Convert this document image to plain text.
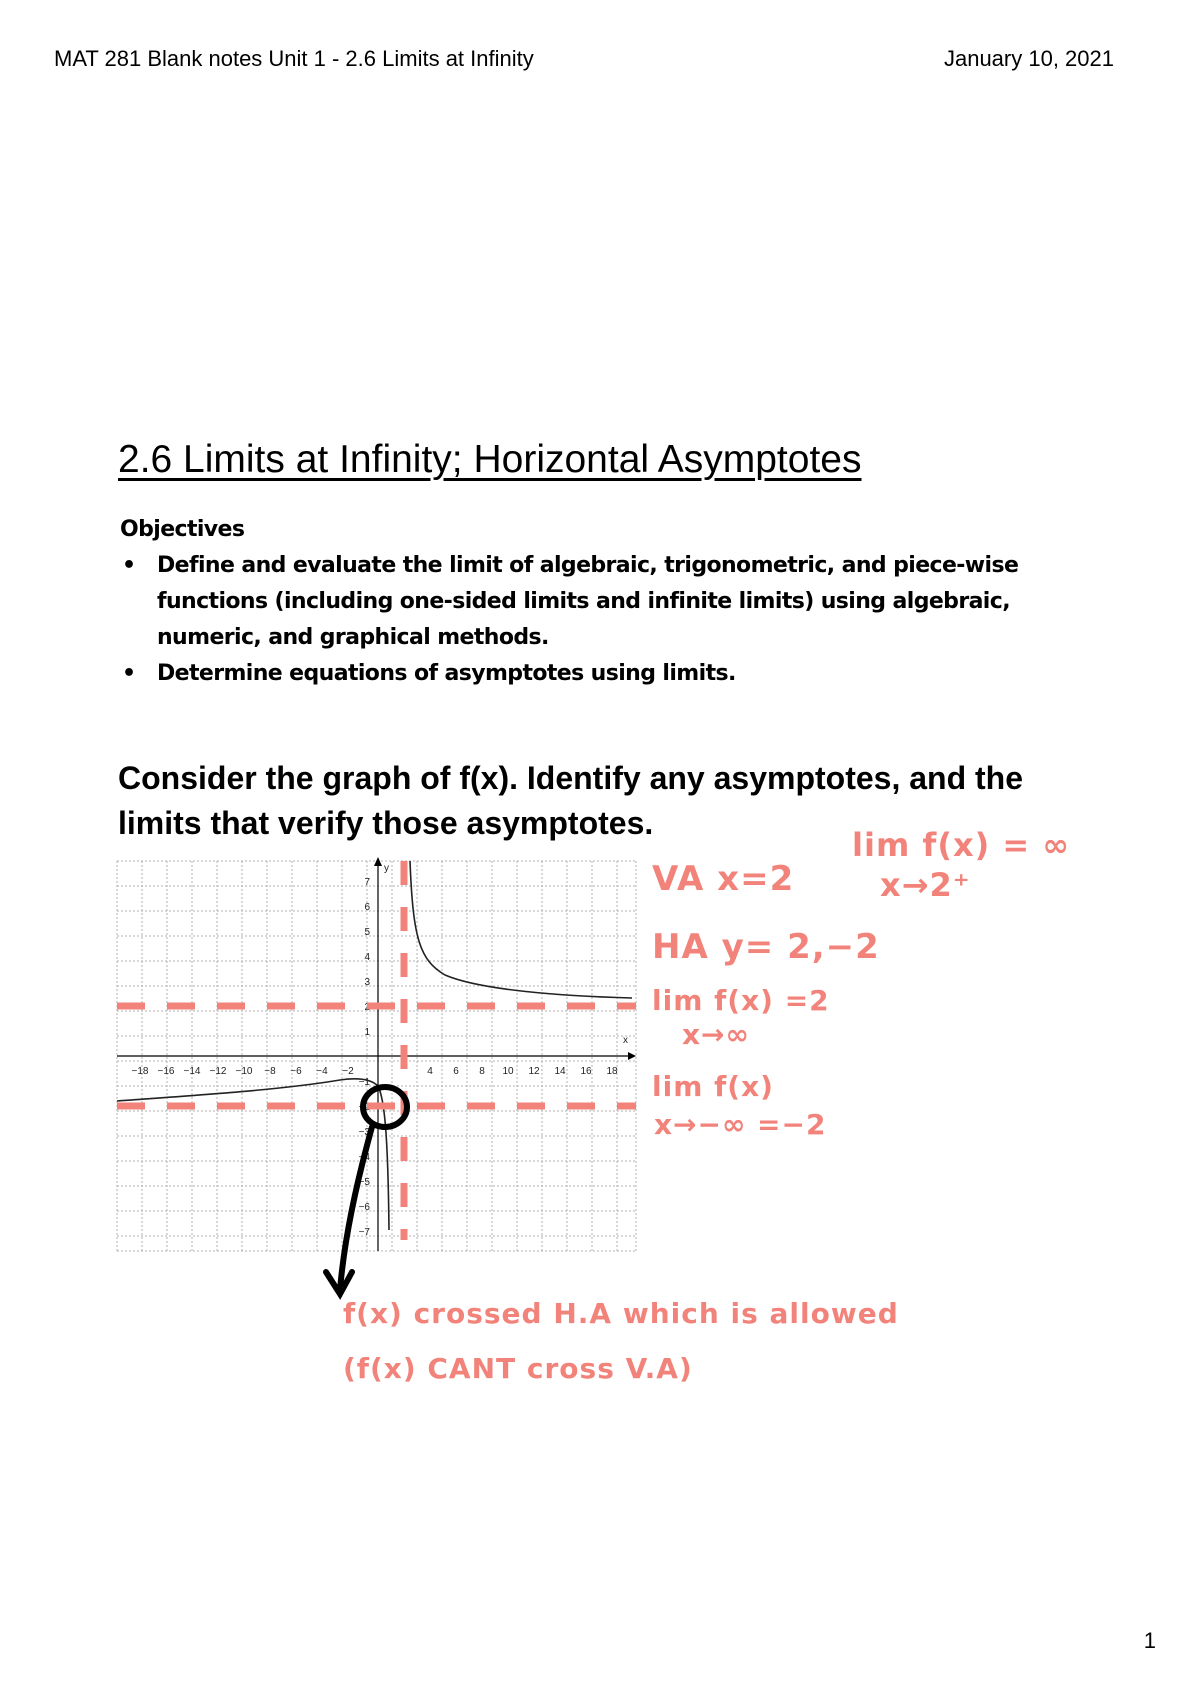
MAT 281 Blank notes Unit 1 - 2.6 Limits at Infinity	January 10, 2021
2.6 Limits at Infinity; Horizontal Asymptotes
Objectives
• Define and evaluate the limit of algebraic, trigonometric, and piece-wise functions (including one-sided limits and infinite limits) using algebraic, numeric, and graphical methods.
• Determine equations of asymptotes using limits.
Consider the graph of f(x). Identify any asymptotes, and the limits that verify those asymptotes.
x
y
−18 −16 −14 −12 −10 −8 −6 −4 −2	4 6 8 10 12 14 16 18
7
6
5
4
3
2
1
−1
−2
−3
−4
−5
−6
−7
lim f(x) = ∞
x→2⁺
VA x=2
HA y= 2,−2
lim f(x) =2
x→∞
lim f(x)
x→−∞ =−2
f(x) crossed H.A which is allowed
(f(x) CANT cross V.A)
1
